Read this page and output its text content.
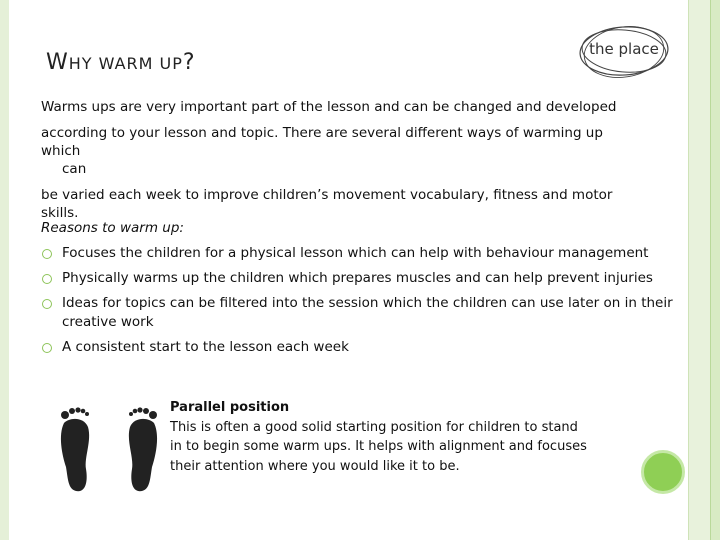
WHY WARM UP?
the place

Warms ups are very important part of the lesson and can be changed and developed

according to your lesson and topic. There are several different ways of warming up which

can

be varied each week to improve children’s movement vocabulary, fitness and motor skills.

Reasons to warm up:
Focuses the children for a physical lesson which can help with behaviour management
Physically warms up the children which prepares muscles and can help prevent injuries
Ideas for topics can be filtered into the session which the children can use later on in their creative work
A consistent start to the lesson each week

Parallel position

This is often a good solid starting position for children to stand in to begin some warm ups. It helps with alignment and focuses their attention where you would like it to be.
